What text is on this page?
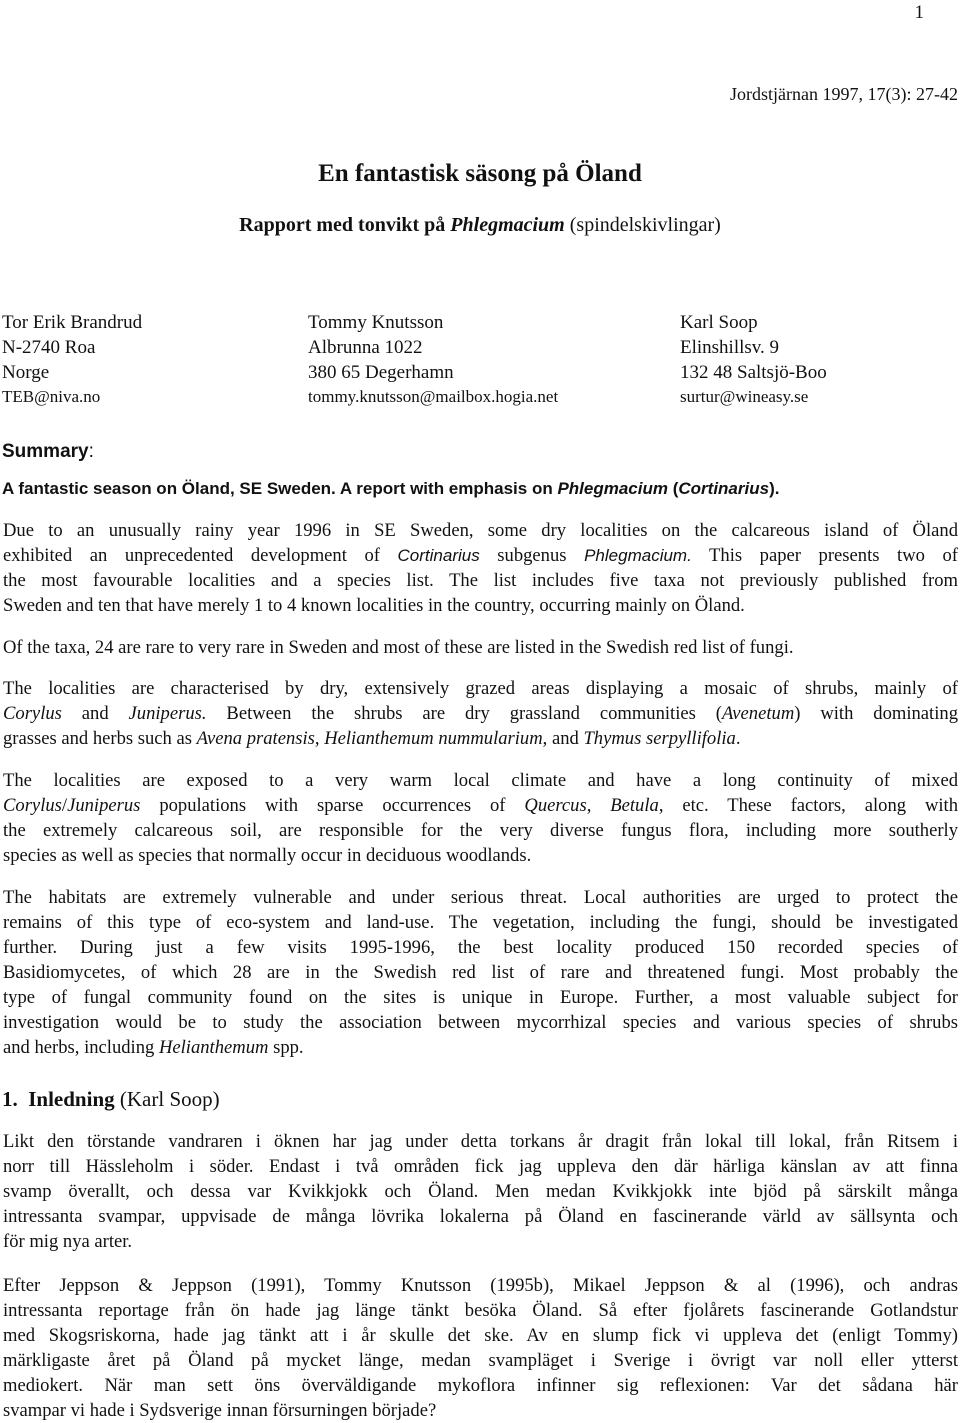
1
Jordstjärnan 1997, 17(3): 27-42
En fantastisk säsong på Öland
Rapport med tonvikt på Phlegmacium (spindelskivlingar)
Tor Erik Brandrud
N-2740 Roa
Norge
TEB@niva.no
Tommy Knutsson
Albrunna 1022
380 65 Degerhamn
tommy.knutsson@mailbox.hogia.net
Karl Soop
Elinshillsv. 9
132 48 Saltsjö-Boo
surtur@wineasy.se
Summary:
A fantastic season on Öland, SE Sweden. A report with emphasis on Phlegmacium (Cortinarius).
Due to an unusually rainy year 1996 in SE Sweden, some dry localities on the calcareous island of Öland
exhibited an unprecedented development of Cortinarius subgenus Phlegmacium. This paper presents two of
the most favourable localities and a species list. The list includes five taxa not previously published from
Sweden and ten that have merely 1 to 4 known localities in the country, occurring mainly on Öland.
Of the taxa, 24 are rare to very rare in Sweden and most of these are listed in the Swedish red list of fungi.
The localities are characterised by dry, extensively grazed areas displaying a mosaic of shrubs, mainly of
Corylus and Juniperus. Between the shrubs are dry grassland communities (Avenetum) with dominating
grasses and herbs such as Avena pratensis, Helianthemum nummularium, and Thymus serpyllifolia.
The localities are exposed to a very warm local climate and have a long continuity of mixed
Corylus/Juniperus populations with sparse occurrences of Quercus, Betula, etc. These factors, along with
the extremely calcareous soil, are responsible for the very diverse fungus flora, including more southerly
species as well as species that normally occur in deciduous woodlands.
The habitats are extremely vulnerable and under serious threat. Local authorities are urged to protect the
remains of this type of eco-system and land-use. The vegetation, including the fungi, should be investigated
further. During just a few visits 1995-1996, the best locality produced 150 recorded species of
Basidiomycetes, of which 28 are in the Swedish red list of rare and threatened fungi. Most probably the
type of fungal community found on the sites is unique in Europe. Further, a most valuable subject for
investigation would be to study the association between mycorrhizal species and various species of shrubs
and herbs, including Helianthemum spp.
1. Inledning (Karl Soop)
Likt den törstande vandraren i öknen har jag under detta torkans år dragit från lokal till lokal, från Ritsem i
norr till Hässleholm i söder. Endast i två områden fick jag uppleva den där härliga känslan av att finna
svamp överallt, och dessa var Kvikkjokk och Öland. Men medan Kvikkjokk inte bjöd på särskilt många
intressanta svampar, uppvisade de många lövrika lokalerna på Öland en fascinerande värld av sällsynta och
för mig nya arter.
Efter Jeppson & Jeppson (1991), Tommy Knutsson (1995b), Mikael Jeppson & al (1996), och andras
intressanta reportage från ön hade jag länge tänkt besöka Öland. Så efter fjolårets fascinerande Gotlandstur
med Skogsriskorna, hade jag tänkt att i år skulle det ske. Av en slump fick vi uppleva det (enligt Tommy)
märkligaste året på Öland på mycket länge, medan svampläget i Sverige i övrigt var noll eller ytterst
mediokert. När man sett öns överväldigande mykoflora infinner sig reflexionen: Var det sådana här
svampar vi hade i Sydsverige innan försurningen började?
